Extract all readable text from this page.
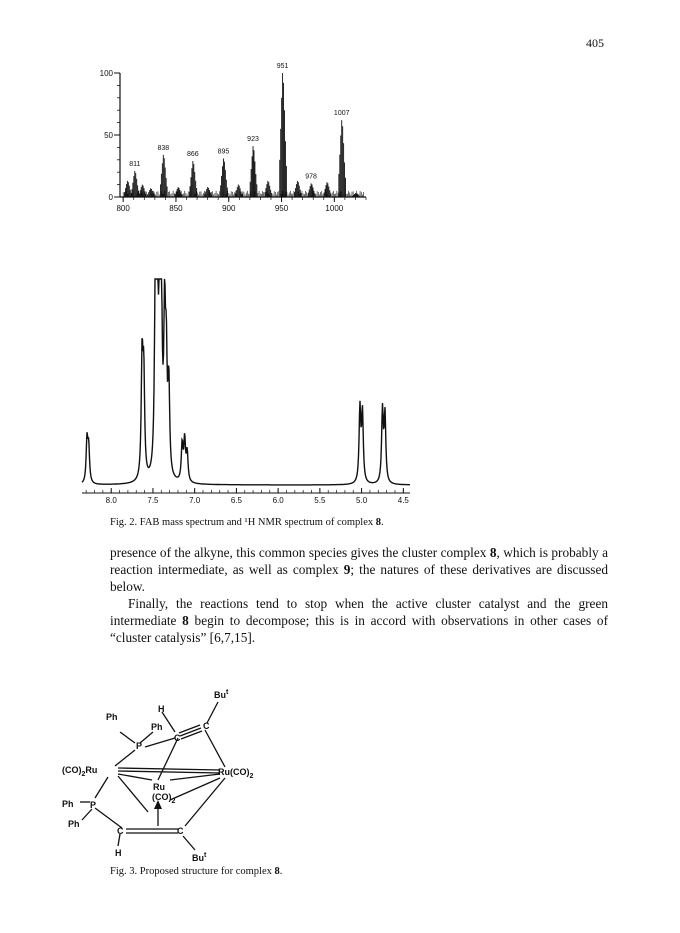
405
0
50
100
800	850	900	950	1000
811
838
866	895
923
951
978
1007
8.0	7.5	7.0	6.5	6.0	5.5	5.0	4.5
Fig. 2. FAB mass spectrum and ¹H NMR spectrum of complex 8.

presence of the alkyne, this common species gives the cluster complex 8, which is probably a reaction intermediate, as well as complex 9; the natures of these derivatives are discussed below.

Finally, the reactions tend to stop when the active cluster catalyst and the green intermediate 8 begin to decompose; this is in accord with observations in other cases of “cluster catalysis” [6,7,15].

H
Bu$^t$
Ph
Ph
P
C
C
$(CO)_2Ru$	$Ru(CO)_2$
Ru
$(CO)_2$
Ph P
Ph
C	C
H	Bu$^t$
Fig. 3. Proposed structure for complex 8.
